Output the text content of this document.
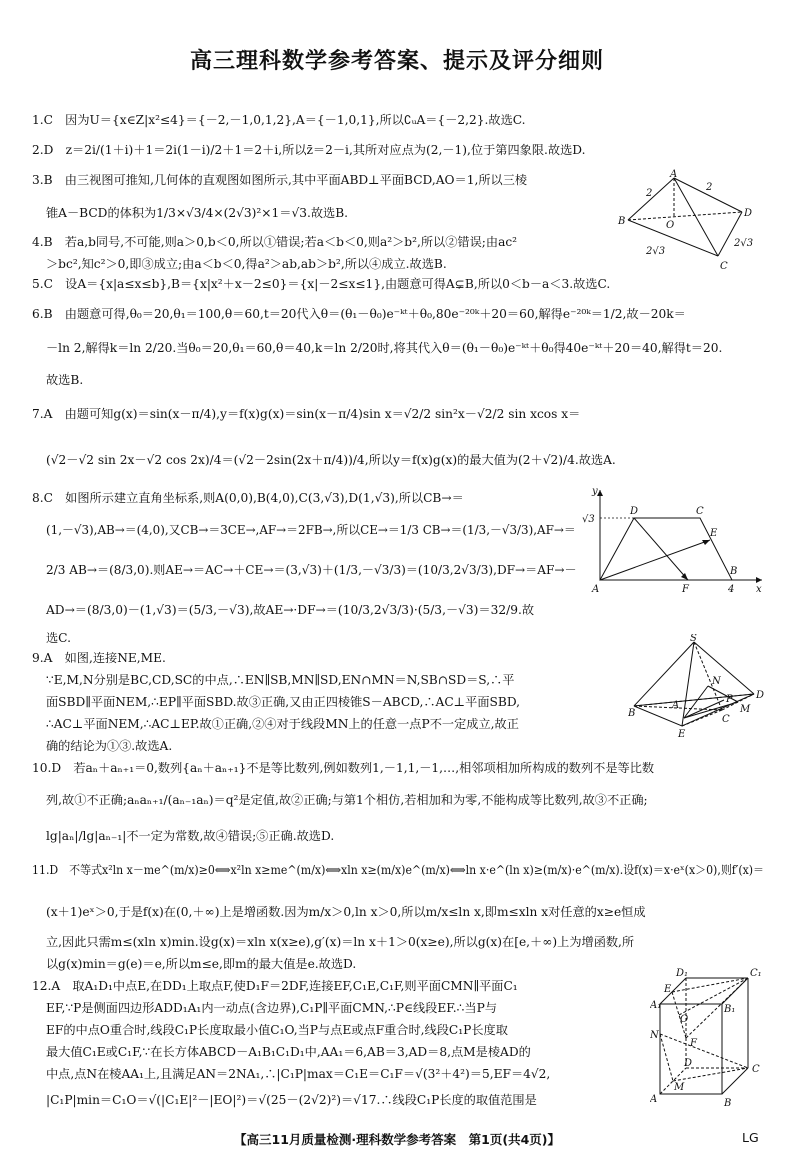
高三理科数学参考答案、提示及评分细则
1.C　因为U＝{x∈Z|x²≤4}＝{－2,－1,0,1,2},A＝{－1,0,1},所以∁ᵤA＝{－2,2}.故选C.
2.D　z＝2i/(1＋i)＋1＝2i(1－i)/2＋1＝2＋i,所以z̄＝2－i,其所对应点为(2,－1),位于第四象限.故选D.
3.B　由三视图可推知,几何体的直观图如图所示,其中平面ABD⊥平面BCD,AO＝1,所以三棱
锥A－BCD的体积为1/3×√3/4×(2√3)²×1＝√3.故选B.
4.B　若a,b同号,不可能,则a＞0,b＜0,所以①错误;若a＜b＜0,则a²＞b²,所以②错误;由ac²
＞bc²,知c²＞0,即③成立;由a＜b＜0,得a²＞ab,ab＞b²,所以④成立.故选B.
5.C　设A＝{x|a≤x≤b},B＝{x|x²＋x－2≤0}＝{x|－2≤x≤1},由题意可得A⊊B,所以0＜b－a＜3.故选C.
6.B　由题意可得,θ₀＝20,θ₁＝100,θ＝60,t＝20代入θ＝(θ₁－θ₀)e⁻ᵏᵗ＋θ₀,80e⁻²⁰ᵏ＋20＝60,解得e⁻²⁰ᵏ＝1/2,故－20k＝
－ln 2,解得k＝ln 2/20.当θ₀＝20,θ₁＝60,θ＝40,k＝ln 2/20时,将其代入θ＝(θ₁－θ₀)e⁻ᵏᵗ＋θ₀得40e⁻ᵏᵗ＋20＝40,解得t＝20.
故选B.
7.A　由题可知g(x)＝sin(x－π/4),y＝f(x)g(x)＝sin(x－π/4)sin x＝√2/2 sin²x－√2/2 sin xcos x＝
(√2－√2 sin 2x－√2 cos 2x)/4＝(√2－2sin(2x＋π/4))/4,所以y＝f(x)g(x)的最大值为(2＋√2)/4.故选A.
8.C　如图所示建立直角坐标系,则A(0,0),B(4,0),C(3,√3),D(1,√3),所以CB→＝
(1,－√3),AB→＝(4,0),又CB→＝3CE→,AF→＝2FB→,所以CE→＝1/3 CB→＝(1/3,－√3/3),AF→＝
2/3 AB→＝(8/3,0).则AE→＝AC→＋CE→＝(3,√3)＋(1/3,－√3/3)＝(10/3,2√3/3),DF→＝AF→－
AD→＝(8/3,0)－(1,√3)＝(5/3,－√3),故AE→·DF→＝(10/3,2√3/3)·(5/3,－√3)＝32/9.故
选C.
9.A　如图,连接NE,ME.
∵E,M,N分别是BC,CD,SC的中点,∴EN∥SB,MN∥SD,EN∩MN＝N,SB∩SD＝S,∴平
面SBD∥平面NEM,∴EP∥平面SBD.故③正确,又由正四棱锥S－ABCD,∴AC⊥平面SBD,
∴AC⊥平面NEM,∴AC⊥EP.故①正确,②④对于线段MN上的任意一点P不一定成立,故正
确的结论为①③.故选A.
10.D　若aₙ＋aₙ₊₁＝0,数列{aₙ＋aₙ₊₁}不是等比数列,例如数列1,－1,1,－1,…,相邻项相加所构成的数列不是等比数
列,故①不正确;aₙaₙ₊₁/(aₙ₋₁aₙ)＝q²是定值,故②正确;与第1个相仿,若相加和为零,不能构成等比数列,故③不正确;
lg|aₙ|/lg|aₙ₋₁|不一定为常数,故④错误;⑤正确.故选D.
11.D　不等式x²ln x－me^(m/x)≥0⟺x²ln x≥me^(m/x)⟺xln x≥(m/x)e^(m/x)⟺ln x·e^(ln x)≥(m/x)·e^(m/x).设f(x)＝x·eˣ(x＞0),则f′(x)＝
(x＋1)eˣ＞0,于是f(x)在(0,＋∞)上是增函数.因为m/x＞0,ln x＞0,所以m/x≤ln x,即m≤xln x对任意的x≥e恒成
立,因此只需m≤(xln x)min.设g(x)＝xln x(x≥e),g′(x)＝ln x＋1＞0(x≥e),所以g(x)在[e,＋∞)上为增函数,所
以g(x)min＝g(e)＝e,所以m≤e,即m的最大值是e.故选D.
12.A　取A₁D₁中点E,在DD₁上取点F,使D₁F＝2DF,连接EF,C₁E,C₁F,则平面CMN∥平面C₁
EF,∵P是侧面四边形ADD₁A₁内一动点(含边界),C₁P∥平面CMN,∴P∈线段EF.∴当P与
EF的中点O重合时,线段C₁P长度取最小值C₁O,当P与点E或点F重合时,线段C₁P长度取
最大值C₁E或C₁F,∵在长方体ABCD－A₁B₁C₁D₁中,AA₁＝6,AB＝3,AD＝8,点M是棱AD的
中点,点N在棱AA₁上,且满足AN＝2NA₁,∴|C₁P|max＝C₁E＝C₁F＝√(3²＋4²)＝5,EF＝4√2,
|C₁P|min＝C₁O＝√(|C₁E|²－|EO|²)＝√(25－(2√2)²)＝√17.∴线段C₁P长度的取值范围是
A
B
C
D
O
2
2
2√3
2√3
y
x
A
B
C
D
E
F	4
√3
S
N
B
A
C
D
E
M
P
D₁	C₁
E
A₁
O
B₁
N
F
D
C
M
A	B
【高三11月质量检测·理科数学参考答案　第1页(共4页)】	LG
